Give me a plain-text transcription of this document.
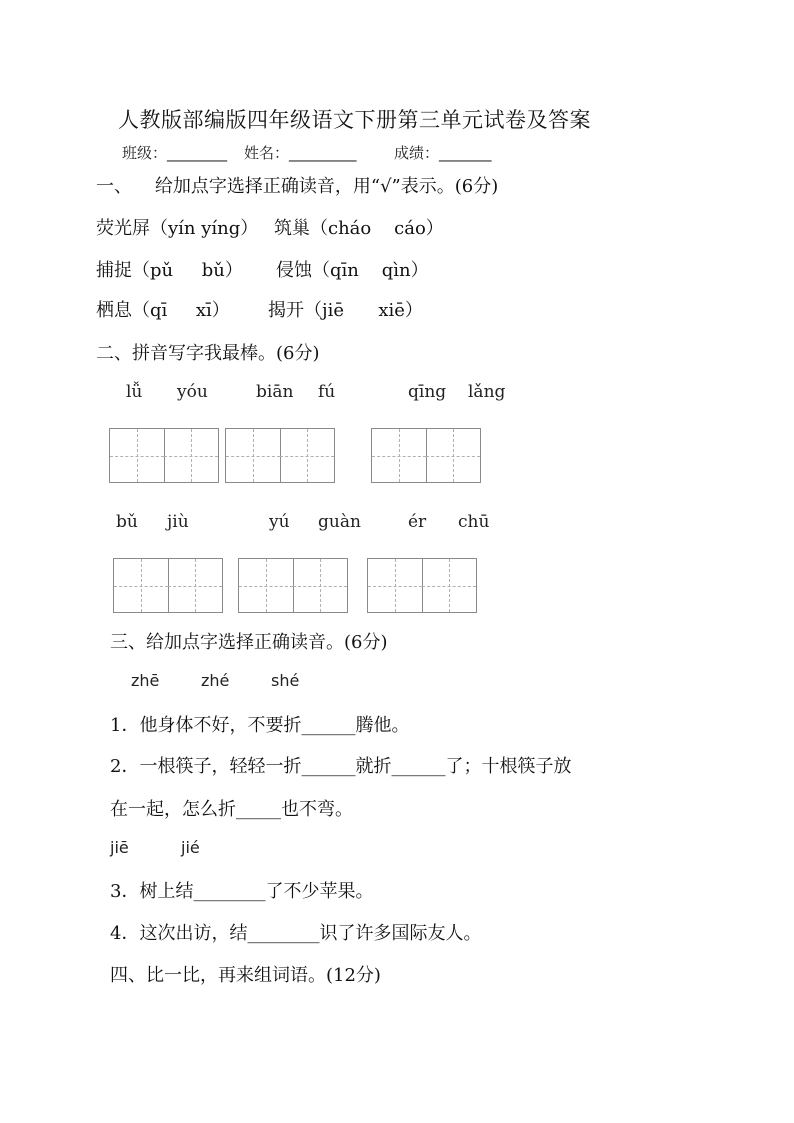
人教版部编版四年级语文下册第三单元试卷及答案
班级：________ 姓名：_________ 成绩：_______
一、    给加点字选择正确读音，用“√”表示。(6分)
荧光屏（yín yíng） 筑巢（cháo    cáo）
捕捉（pǔ     bǔ） 侵蚀（qīn    qìn）
栖息（qī     xī） 揭开（jiē      xiē）
二、拼音写字我最棒。(6分)
lǚ yóu	biān fú	qīng lǎng
bǔ jiù	yú guàn	ér chū
三、给加点字选择正确读音。(6分)
zhē	zhé	shé
1．他身体不好，不要折______腾他。
2．一根筷子，轻轻一折______就折______了；十根筷子放
在一起，怎么折_____也不弯。
jiē	jié
3．树上结________了不少苹果。
4．这次出访，结________识了许多国际友人。
四、比一比，再来组词语。(12分)
